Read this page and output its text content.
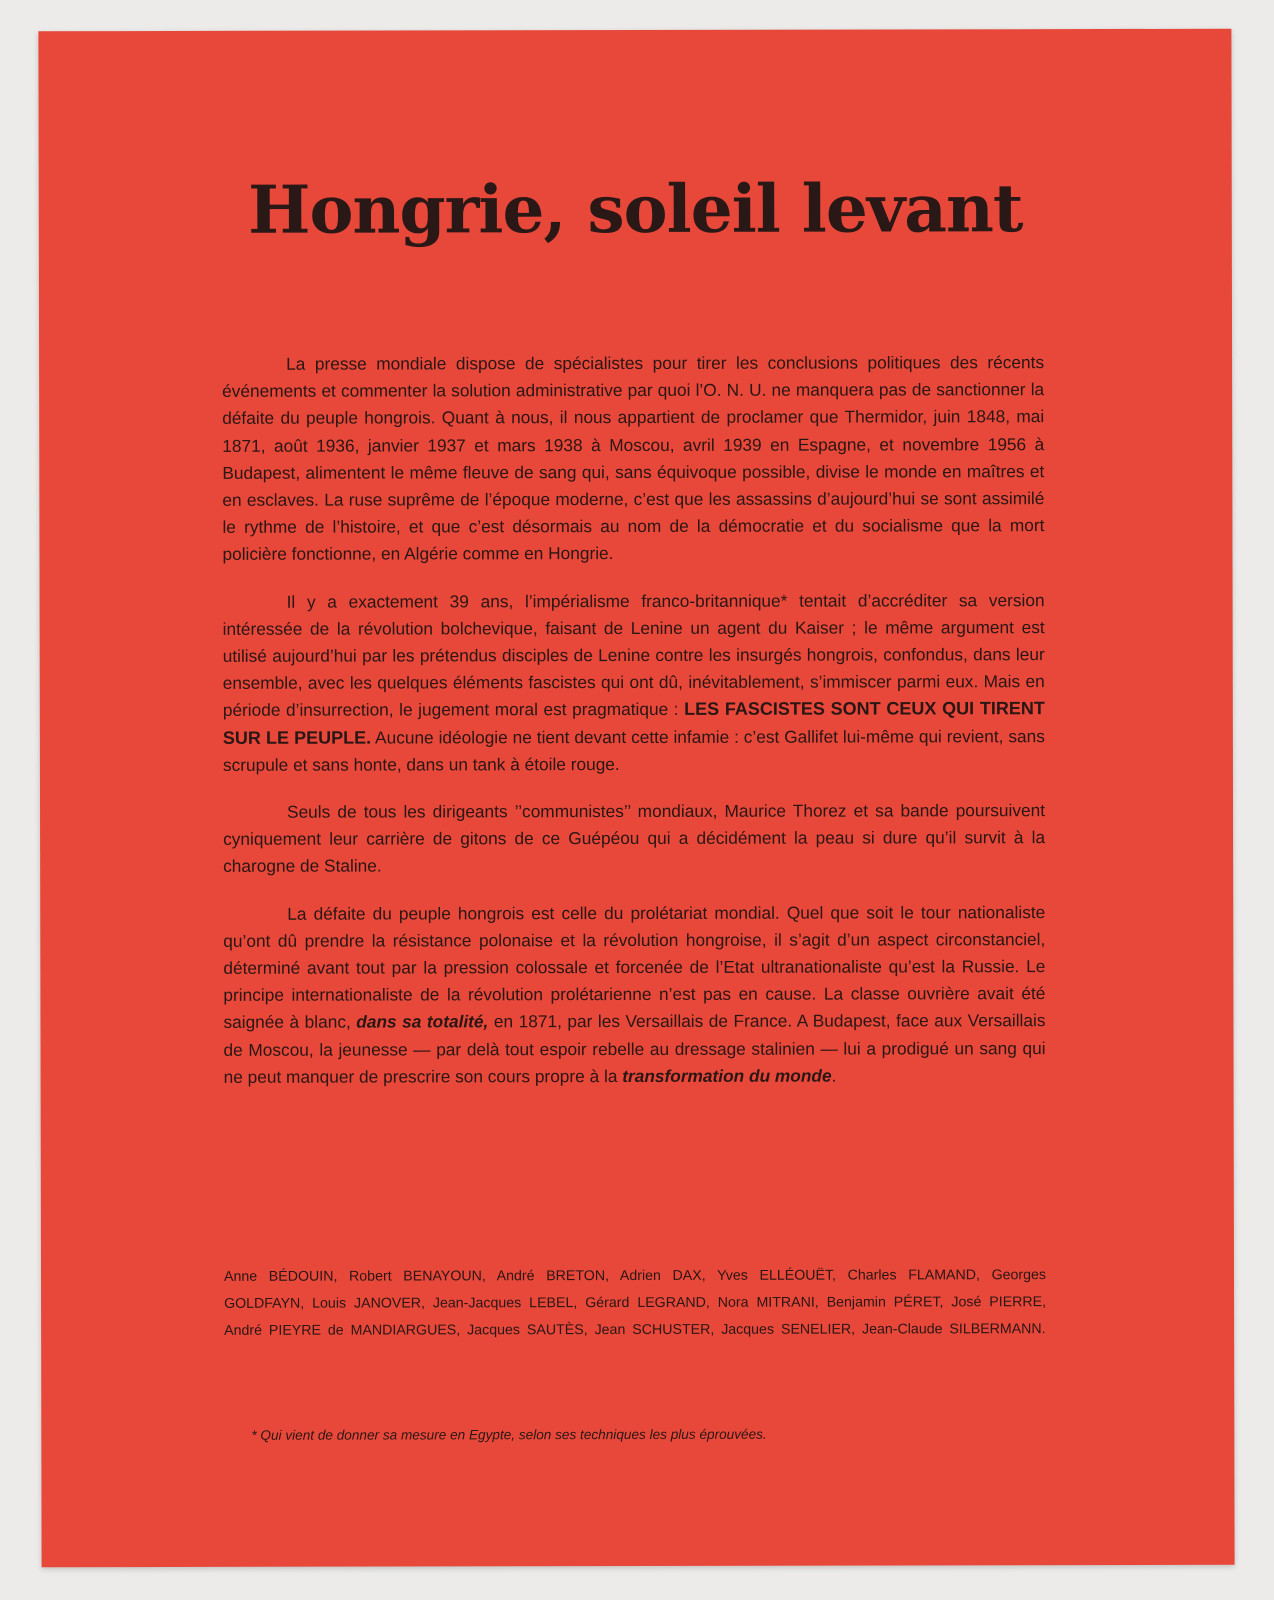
Hongrie, soleil levant

La presse mondiale dispose de spécialistes pour tirer les conclusions politiques des récents événements et commenter la solution administrative par quoi l’O. N. U. ne manquera pas de sanctionner la défaite du peuple hongrois. Quant à nous, il nous appartient de proclamer que Thermidor, juin 1848, mai 1871, août 1936, janvier 1937 et mars 1938 à Moscou, avril 1939 en Espagne, et novembre 1956 à Budapest, alimentent le même fleuve de sang qui, sans équivoque possible, divise le monde en maîtres et en esclaves. La ruse suprême de l’époque moderne, c’est que les assassins d’aujourd’hui se sont assimilé le rythme de l’histoire, et que c’est désormais au nom de la démocratie et du socialisme que la mort policière fonctionne, en Algérie comme en Hongrie.

Il y a exactement 39 ans, l’impérialisme franco-britannique* tentait d’accréditer sa version intéressée de la révolution bolchevique, faisant de Lenine un agent du Kaiser ; le même argument est utilisé aujourd’hui par les prétendus disciples de Lenine contre les insurgés hongrois, confondus, dans leur ensemble, avec les quelques éléments fascistes qui ont dû, inévitablement, s’immiscer parmi eux. Mais en période d’insurrection, le jugement moral est pragmatique : LES FASCISTES SONT CEUX QUI TIRENT SUR LE PEUPLE. Aucune idéologie ne tient devant cette infamie : c’est Gallifet lui-même qui revient, sans scrupule et sans honte, dans un tank à étoile rouge.

Seuls de tous les dirigeants ’’communistes’’ mondiaux, Maurice Thorez et sa bande poursuivent cyniquement leur carrière de gitons de ce Guépéou qui a décidément la peau si dure qu’il survit à la charogne de Staline.

La défaite du peuple hongrois est celle du prolétariat mondial. Quel que soit le tour nationaliste qu’ont dû prendre la résistance polonaise et la révolution hongroise, il s’agit d’un aspect circonstanciel, déterminé avant tout par la pression colossale et forcenée de l’Etat ultranationaliste qu’est la Russie. Le principe internationaliste de la révolution prolétarienne n’est pas en cause. La classe ouvrière avait été saignée à blanc, dans sa totalité, en 1871, par les Versaillais de France. A Budapest, face aux Versaillais de Moscou, la jeunesse — par delà tout espoir rebelle au dressage stalinien — lui a prodigué un sang qui ne peut manquer de prescrire son cours propre à la transformation du monde.

Anne BÉDOUIN, Robert BENAYOUN, André BRETON, Adrien DAX, Yves ELLÉOUËT, Charles FLAMAND, Georges GOLDFAYN, Louis JANOVER, Jean-Jacques LEBEL, Gérard LEGRAND, Nora MITRANI, Benjamin PÉRET, José PIERRE, André PIEYRE de MANDIARGUES, Jacques SAUTÈS, Jean SCHUSTER, Jacques SENELIER, Jean-Claude SILBERMANN.

* Qui vient de donner sa mesure en Egypte, selon ses techniques les plus éprouvées.
